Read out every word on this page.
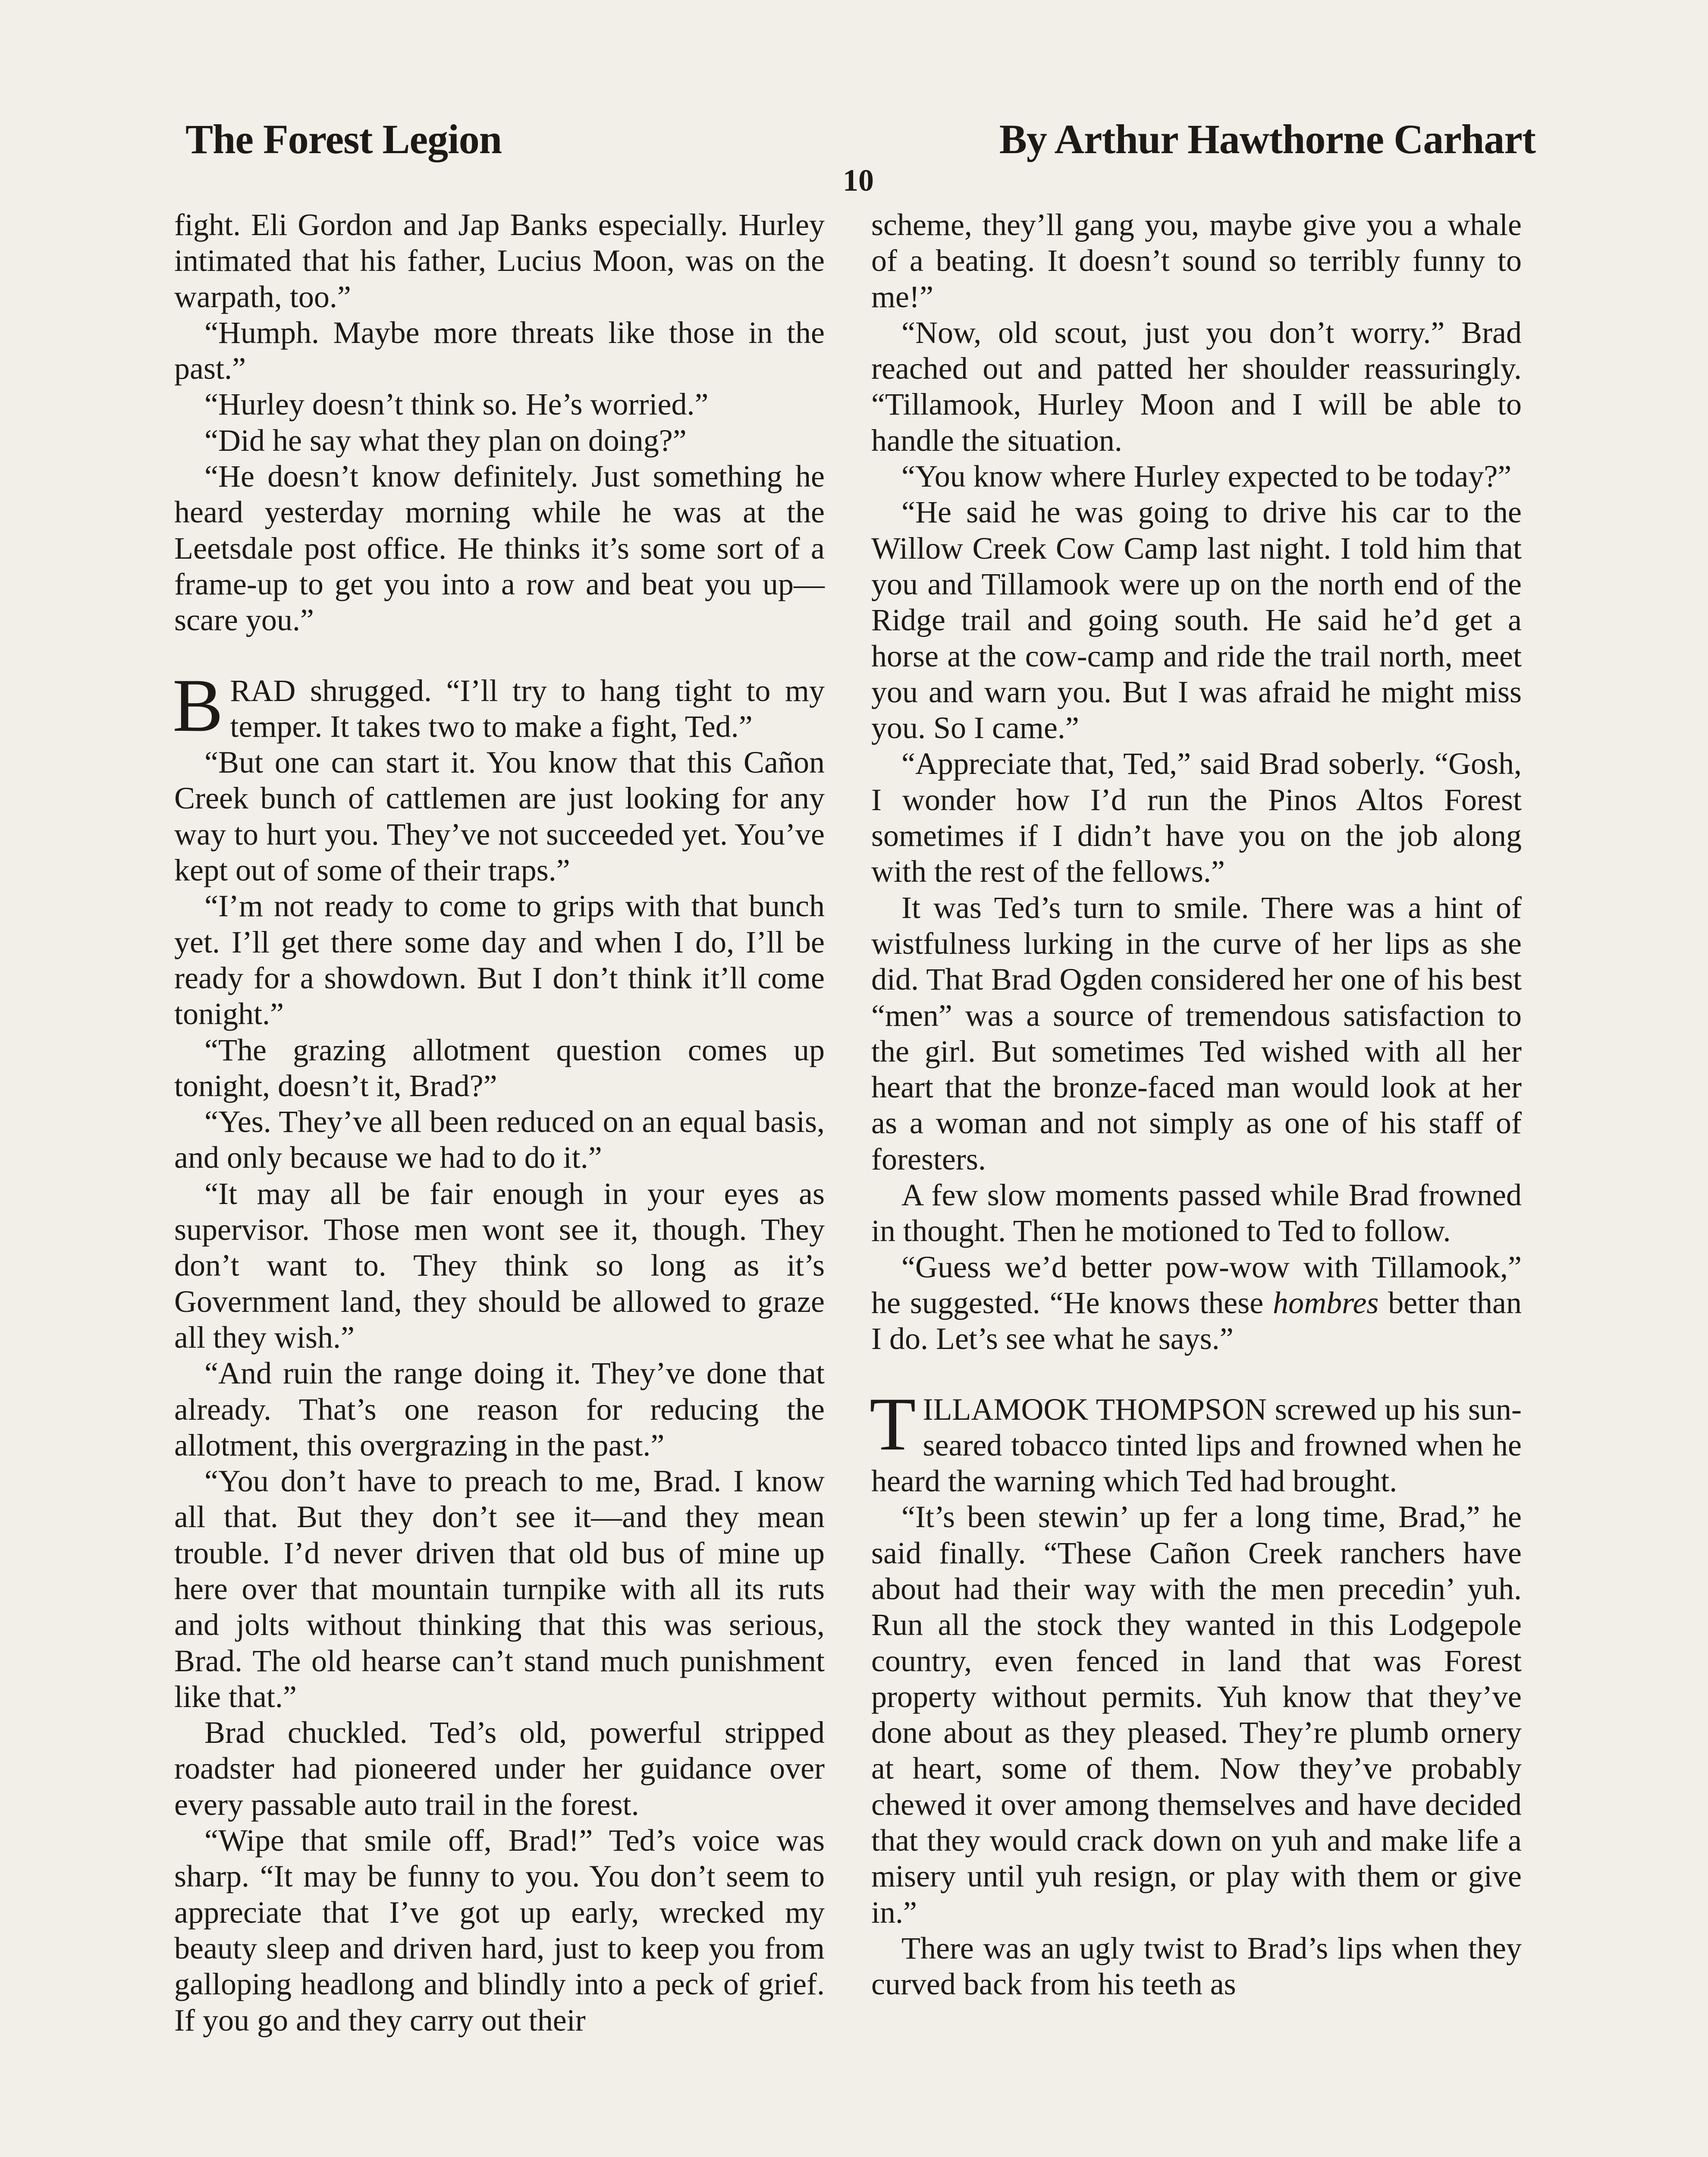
The Forest Legion	By Arthur Hawthorne Carhart
10

fight. Eli Gordon and Jap Banks especially. Hurley intimated that his father, Lucius Moon, was on the warpath, too.”

“Humph. Maybe more threats like those in the past.”

“Hurley doesn’t think so. He’s worried.”

“Did he say what they plan on doing?”

“He doesn’t know definitely. Just something he heard yesterday morning while he was at the Leetsdale post office. He thinks it’s some sort of a frame-up to get you into a row and beat you up—scare you.”

BRAD shrugged. “I’ll try to hang tight to my temper. It takes two to make a fight, Ted.”

“But one can start it. You know that this Cañon Creek bunch of cattlemen are just looking for any way to hurt you. They’ve not succeeded yet. You’ve kept out of some of their traps.”

“I’m not ready to come to grips with that bunch yet. I’ll get there some day and when I do, I’ll be ready for a showdown. But I don’t think it’ll come tonight.”

“The grazing allotment question comes up tonight, doesn’t it, Brad?”

“Yes. They’ve all been reduced on an equal basis, and only because we had to do it.”

“It may all be fair enough in your eyes as supervisor. Those men wont see it, though. They don’t want to. They think so long as it’s Government land, they should be allowed to graze all they wish.”

“And ruin the range doing it. They’ve done that already. That’s one reason for reducing the allotment, this overgrazing in the past.”

“You don’t have to preach to me, Brad. I know all that. But they don’t see it—and they mean trouble. I’d never driven that old bus of mine up here over that mountain turnpike with all its ruts and jolts without thinking that this was serious, Brad. The old hearse can’t stand much punishment like that.”

Brad chuckled. Ted’s old, powerful stripped roadster had pioneered under her guidance over every passable auto trail in the forest.

“Wipe that smile off, Brad!” Ted’s voice was sharp. “It may be funny to you. You don’t seem to appreciate that I’ve got up early, wrecked my beauty sleep and driven hard, just to keep you from galloping headlong and blindly into a peck of grief. If you go and they carry out their

scheme, they’ll gang you, maybe give you a whale of a beating. It doesn’t sound so terribly funny to me!”

“Now, old scout, just you don’t worry.” Brad reached out and patted her shoulder reassuringly. “Tillamook, Hurley Moon and I will be able to handle the situation.

“You know where Hurley expected to be today?”

“He said he was going to drive his car to the Willow Creek Cow Camp last night. I told him that you and Tillamook were up on the north end of the Ridge trail and going south. He said he’d get a horse at the cow-camp and ride the trail north, meet you and warn you. But I was afraid he might miss you. So I came.”

“Appreciate that, Ted,” said Brad soberly. “Gosh, I wonder how I’d run the Pinos Altos Forest sometimes if I didn’t have you on the job along with the rest of the fellows.”

It was Ted’s turn to smile. There was a hint of wistfulness lurking in the curve of her lips as she did. That Brad Ogden considered her one of his best “men” was a source of tremendous satisfaction to the girl. But sometimes Ted wished with all her heart that the bronze-faced man would look at her as a woman and not simply as one of his staff of foresters.

A few slow moments passed while Brad frowned in thought. Then he motioned to Ted to follow.

“Guess we’d better pow-wow with Tillamook,” he suggested. “He knows these hombres better than I do. Let’s see what he says.”

TILLAMOOK THOMPSON screwed up his sun-seared tobacco tinted lips and frowned when he heard the warning which Ted had brought.

“It’s been stewin’ up fer a long time, Brad,” he said finally. “These Cañon Creek ranchers have about had their way with the men precedin’ yuh. Run all the stock they wanted in this Lodgepole country, even fenced in land that was Forest property without permits. Yuh know that they’ve done about as they pleased. They’re plumb ornery at heart, some of them. Now they’ve probably chewed it over among themselves and have decided that they would crack down on yuh and make life a misery until yuh resign, or play with them or give in.”

There was an ugly twist to Brad’s lips when they curved back from his teeth as
